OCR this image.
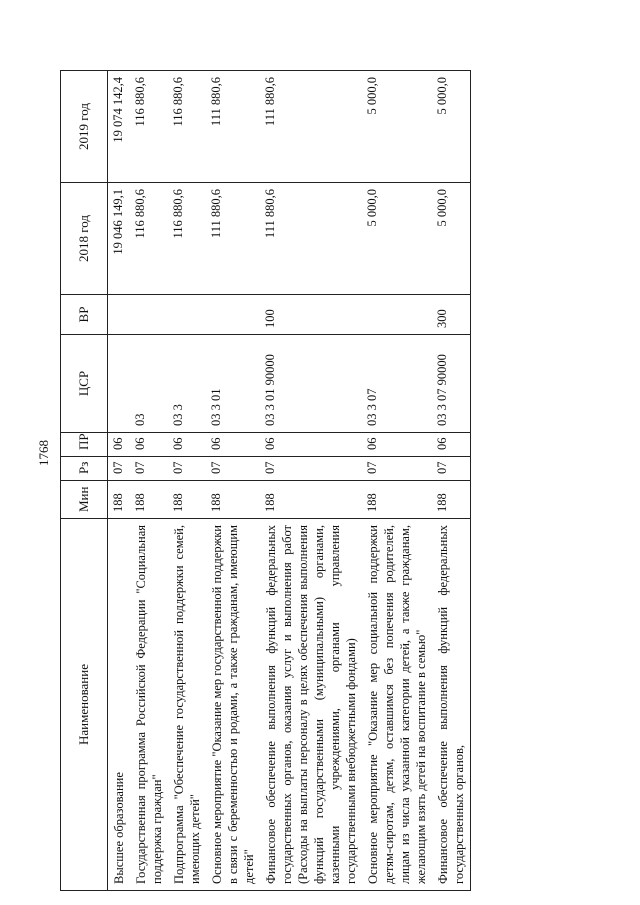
1768
Наименование	Мин	Рз	ПР	ЦСР	ВР	2018 год	2019 год
Высшее образование	188	07	06			19 046 149,1	19 074 142,4
Государственная программа Российской Федерации "Социальная поддержка граждан"	188	07	06	03		116 880,6	116 880,6
Подпрограмма "Обеспечение государственной поддержки семей, имеющих детей"	188	07	06	03 3		116 880,6	116 880,6
Основное мероприятие "Оказание мер государственной поддержки в связи с беременностью и родами, а также гражданам, имеющим детей"	188	07	06	03 3 01		111 880,6	111 880,6
Финансовое обеспечение выполнения функций федеральных государственных органов, оказания услуг и выполнения работ (Расходы на выплаты персоналу в целях обеспечения выполнения функций государственными (муниципальными) органами, казенными учреждениями, органами управления государственными внебюджетными фондами)	188	07	06	03 3 01 90000	100	111 880,6	111 880,6
Основное мероприятие "Оказание мер социальной поддержки детям-сиротам, детям, оставшимся без попечения родителей, лицам из числа указанной категории детей, а также гражданам, желающим взять детей на воспитание в семью"	188	07	06	03 3 07		5 000,0	5 000,0
Финансовое обеспечение выполнения функций федеральных государственных органов,	188	07	06	03 3 07 90000	300	5 000,0	5 000,0
